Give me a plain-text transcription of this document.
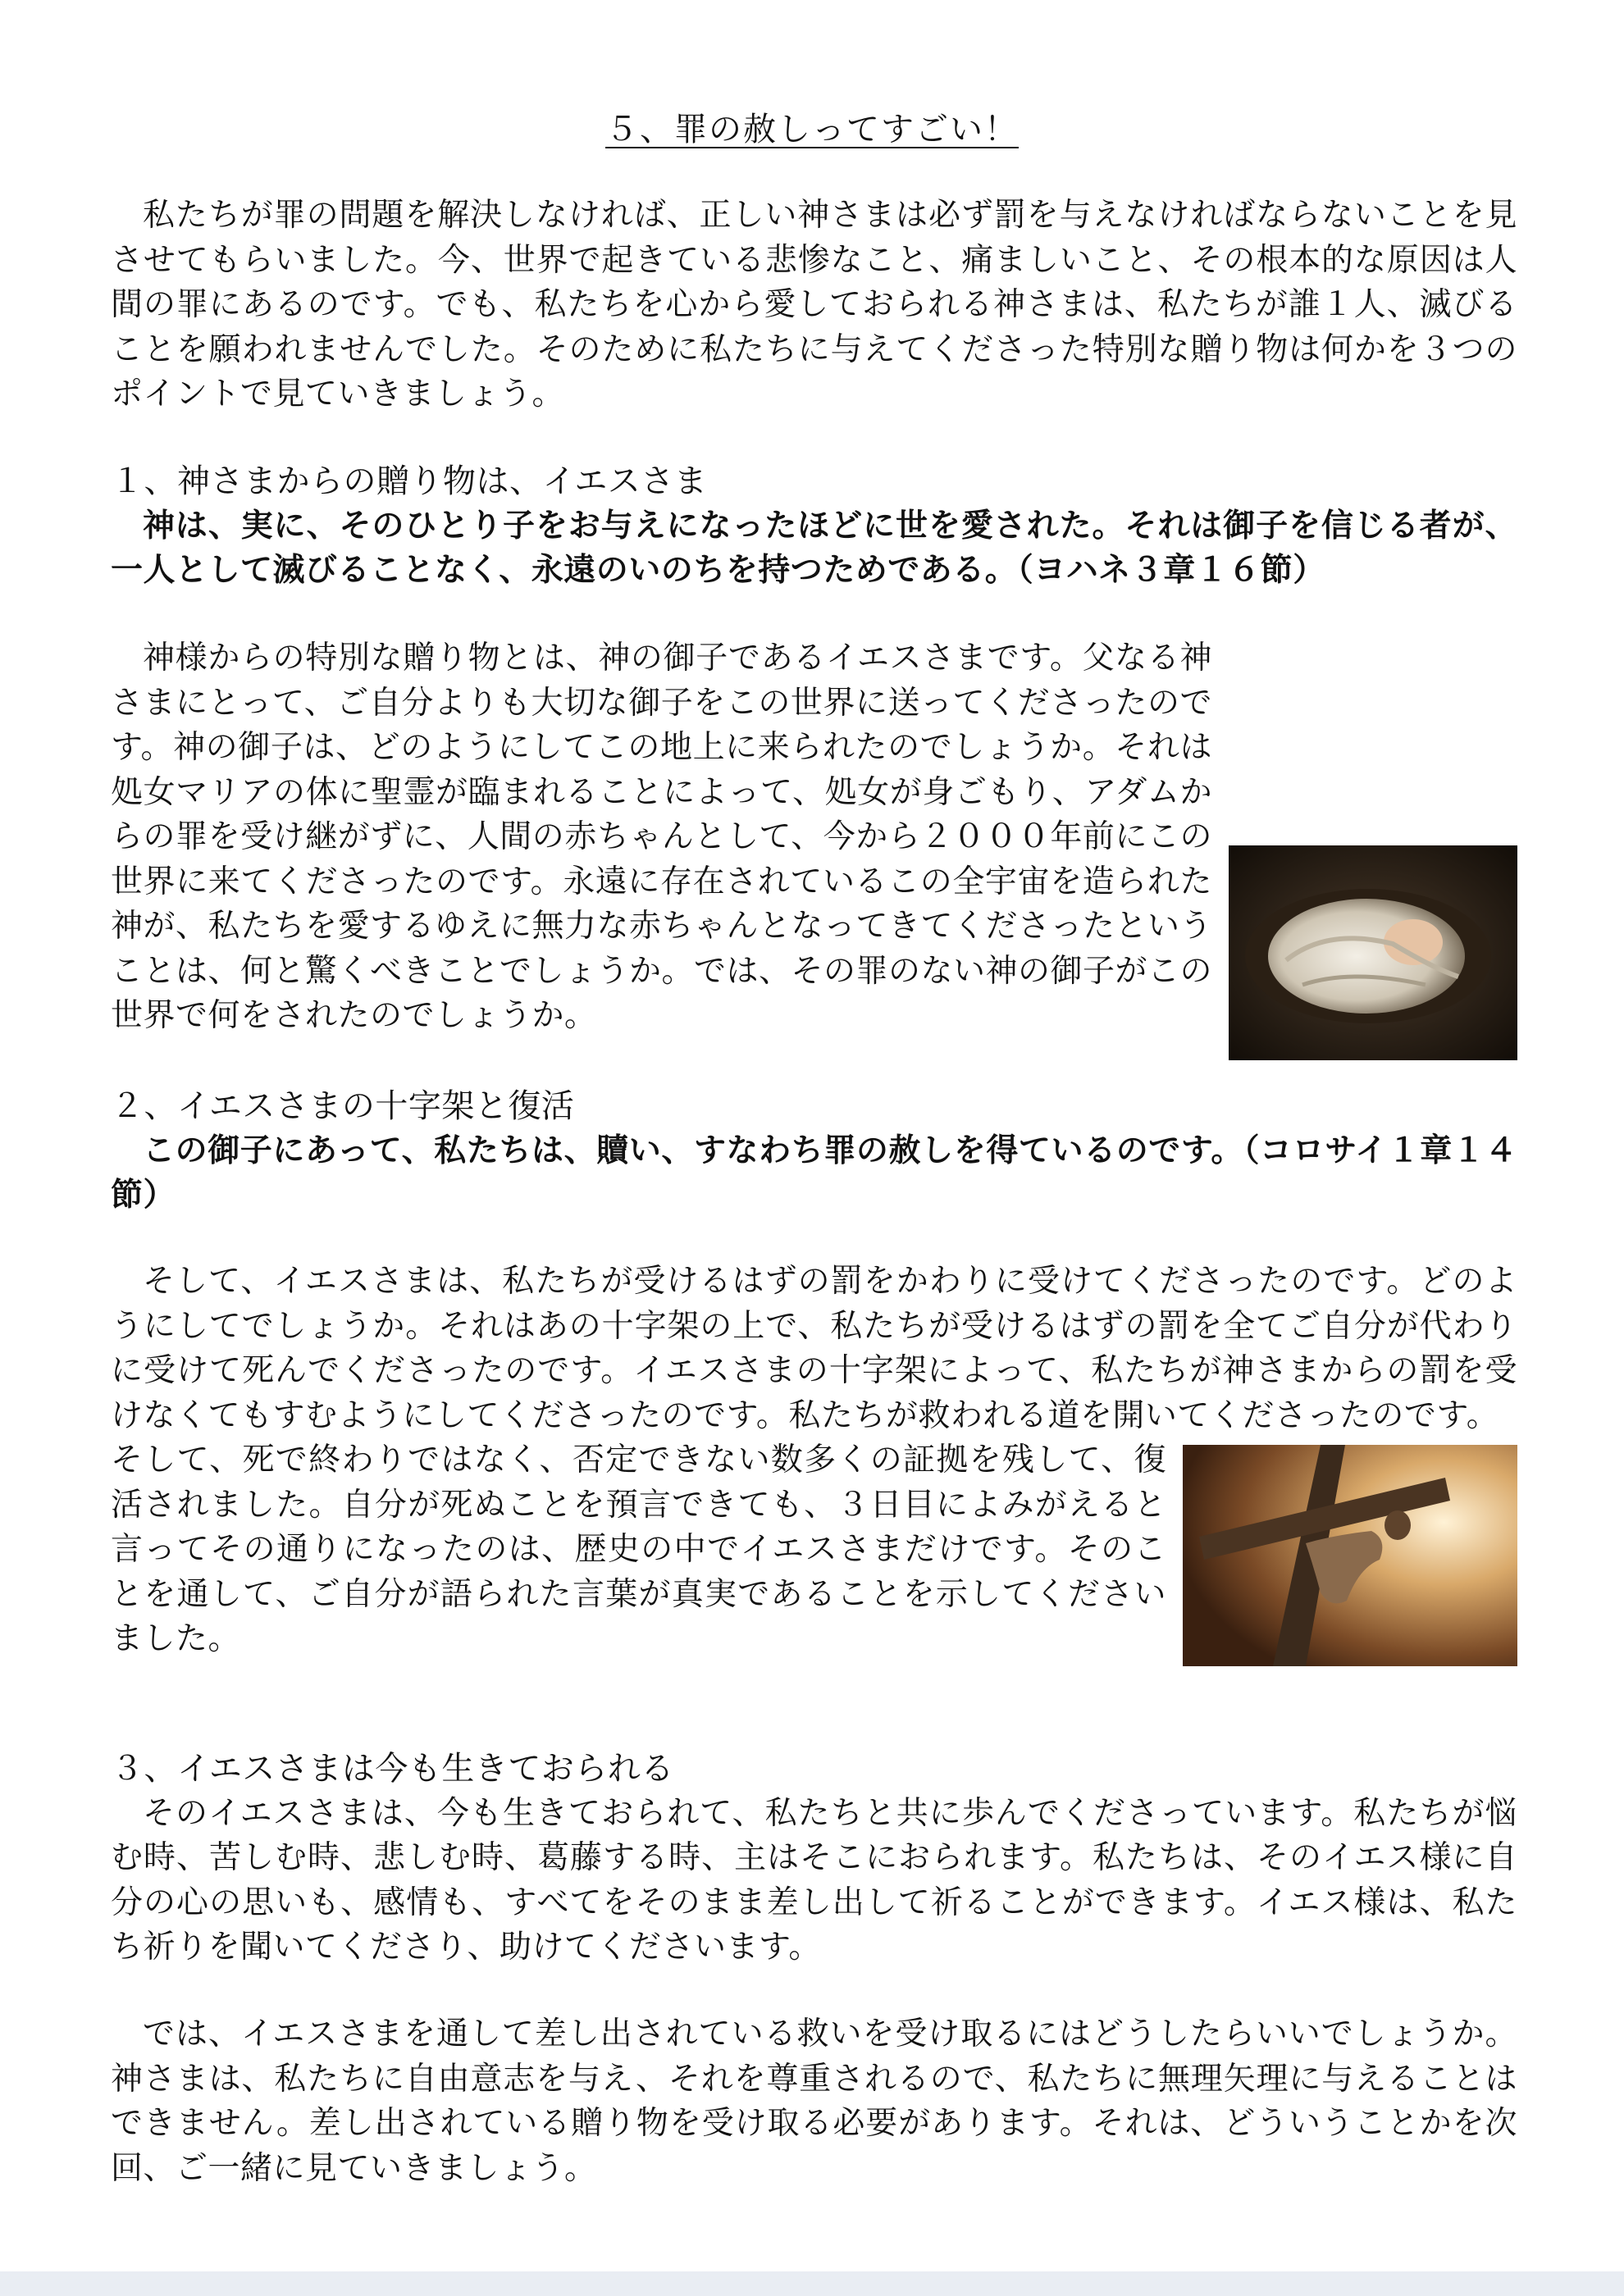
５、罪の赦しってすごい！

私たちが罪の問題を解決しなければ、正しい神さまは必ず罰を与えなければならないことを見させてもらいました。今、世界で起きている悲惨なこと、痛ましいこと、その根本的な原因は人間の罪にあるのです。でも、私たちを心から愛しておられる神さまは、私たちが誰１人、滅びることを願われませんでした。そのために私たちに与えてくださった特別な贈り物は何かを３つのポイントで見ていきましょう。

１、神さまからの贈り物は、イエスさま

神は、実に、そのひとり子をお与えになったほどに世を愛された。それは御子を信じる者が、一人として滅びることなく、永遠のいのちを持つためである。（ヨハネ３章１６節）

神様からの特別な贈り物とは、神の御子であるイエスさまです。父なる神さまにとって、ご自分よりも大切な御子をこの世界に送ってくださったのです。神の御子は、どのようにしてこの地上に来られたのでしょうか。それは処女マリアの体に聖霊が臨まれることによって、処女が身ごもり、アダムからの罪を受け継がずに、人間の赤ちゃんとして、今から２０００年前にこの世界に来てくださったのです。永遠に存在されているこの全宇宙を造られた神が、私たちを愛するゆえに無力な赤ちゃんとなってきてくださったということは、何と驚くべきことでしょうか。では、その罪のない神の御子がこの世界で何をされたのでしょうか。

２、イエスさまの十字架と復活

この御子にあって、私たちは、贖い、すなわち罪の赦しを得ているのです。（コロサイ１章１４節）

そして、イエスさまは、私たちが受けるはずの罰をかわりに受けてくださったのです。どのようにしてでしょうか。それはあの十字架の上で、私たちが受けるはずの罰を全てご自分が代わりに受けて死んでくださったのです。イエスさまの十字架によって、私たちが神さまからの罰を受けなくてもすむようにしてくださったのです。私たちが救われる道を開いてくださったのです。

そして、死で終わりではなく、否定できない数多くの証拠を残して、復活されました。自分が死ぬことを預言できても、３日目によみがえると言ってその通りになったのは、歴史の中でイエスさまだけです。そのことを通して、ご自分が語られた言葉が真実であることを示してくださいました。

３、イエスさまは今も生きておられる

そのイエスさまは、今も生きておられて、私たちと共に歩んでくださっています。私たちが悩む時、苦しむ時、悲しむ時、葛藤する時、主はそこにおられます。私たちは、そのイエス様に自分の心の思いも、感情も、すべてをそのまま差し出して祈ることができます。イエス様は、私たち祈りを聞いてくださり、助けてくださいます。

では、イエスさまを通して差し出されている救いを受け取るにはどうしたらいいでしょうか。神さまは、私たちに自由意志を与え、それを尊重されるので、私たちに無理矢理に与えることはできません。差し出されている贈り物を受け取る必要があります。それは、どういうことかを次回、ご一緒に見ていきましょう。
